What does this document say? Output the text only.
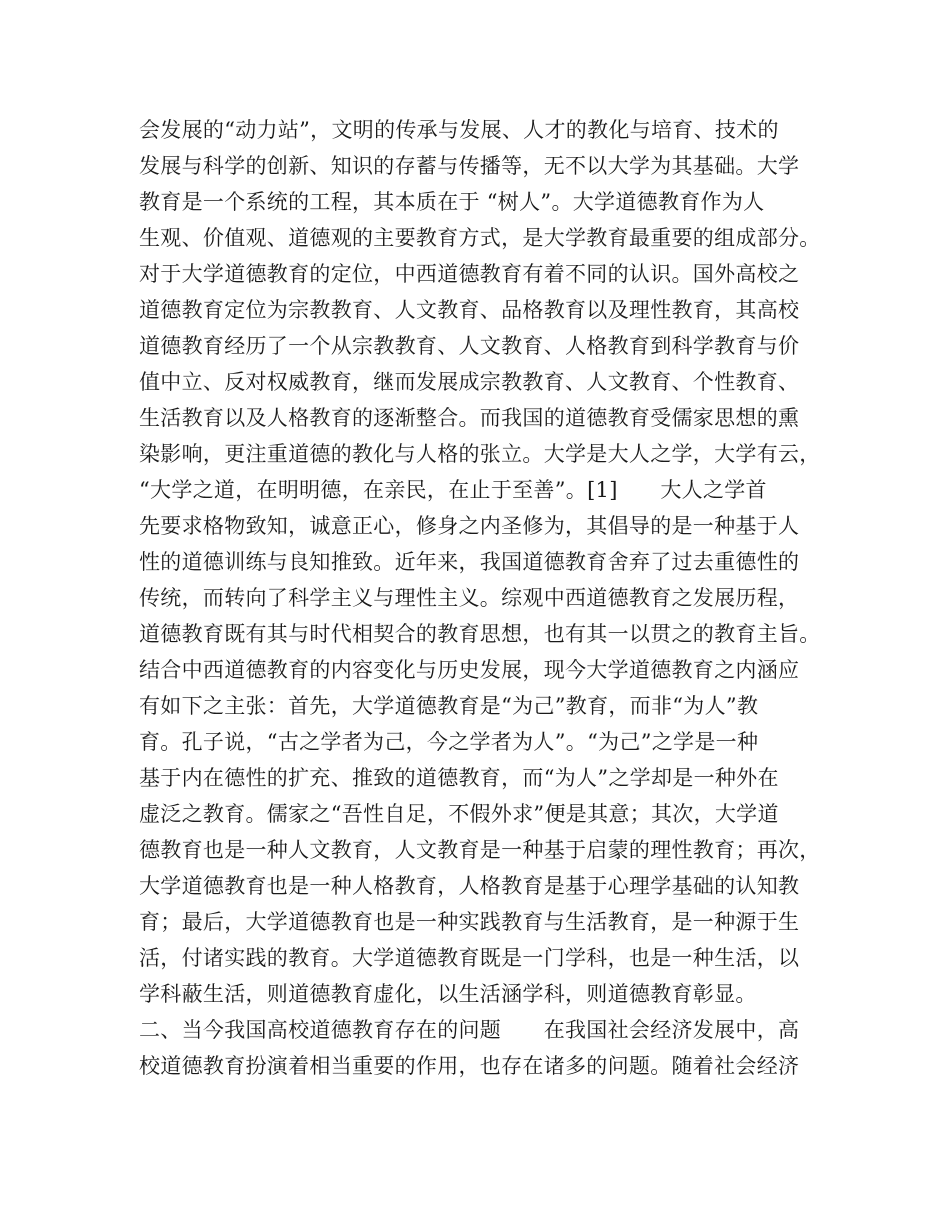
会发展的“动力站”，文明的传承与发展、人才的教化与培育、技术的
发展与科学的创新、知识的存蓄与传播等，无不以大学为其基础。大学
教育是一个系统的工程，其本质在于 “树人”。大学道德教育作为人
生观、价值观、道德观的主要教育方式，是大学教育最重要的组成部分。
对于大学道德教育的定位，中西道德教育有着不同的认识。国外高校之
道德教育定位为宗教教育、人文教育、品格教育以及理性教育，其高校
道德教育经历了一个从宗教教育、人文教育、人格教育到科学教育与价
值中立、反对权威教育，继而发展成宗教教育、人文教育、个性教育、
生活教育以及人格教育的逐渐整合。而我国的道德教育受儒家思想的熏
染影响，更注重道德的教化与人格的张立。大学是大人之学，大学有云，
“大学之道，在明明德，在亲民，在止于至善”。[1]　　大人之学首
先要求格物致知，诚意正心，修身之内圣修为，其倡导的是一种基于人
性的道德训练与良知推致。近年来，我国道德教育舍弃了过去重德性的
传统，而转向了科学主义与理性主义。综观中西道德教育之发展历程，
道德教育既有其与时代相契合的教育思想，也有其一以贯之的教育主旨。
结合中西道德教育的内容变化与历史发展，现今大学道德教育之内涵应
有如下之主张：首先，大学道德教育是“为己”教育，而非“为人”教
育。孔子说，“古之学者为己，今之学者为人”。“为己”之学是一种
基于内在德性的扩充、推致的道德教育，而“为人”之学却是一种外在
虚泛之教育。儒家之“吾性自足，不假外求”便是其意；其次，大学道
德教育也是一种人文教育，人文教育是一种基于启蒙的理性教育；再次，
大学道德教育也是一种人格教育，人格教育是基于心理学基础的认知教
育；最后，大学道德教育也是一种实践教育与生活教育，是一种源于生
活，付诸实践的教育。大学道德教育既是一门学科，也是一种生活，以
学科蔽生活，则道德教育虚化，以生活涵学科，则道德教育彰显。
二、当今我国高校道德教育存在的问题　　在我国社会经济发展中，高
校道德教育扮演着相当重要的作用，也存在诸多的问题。随着社会经济
